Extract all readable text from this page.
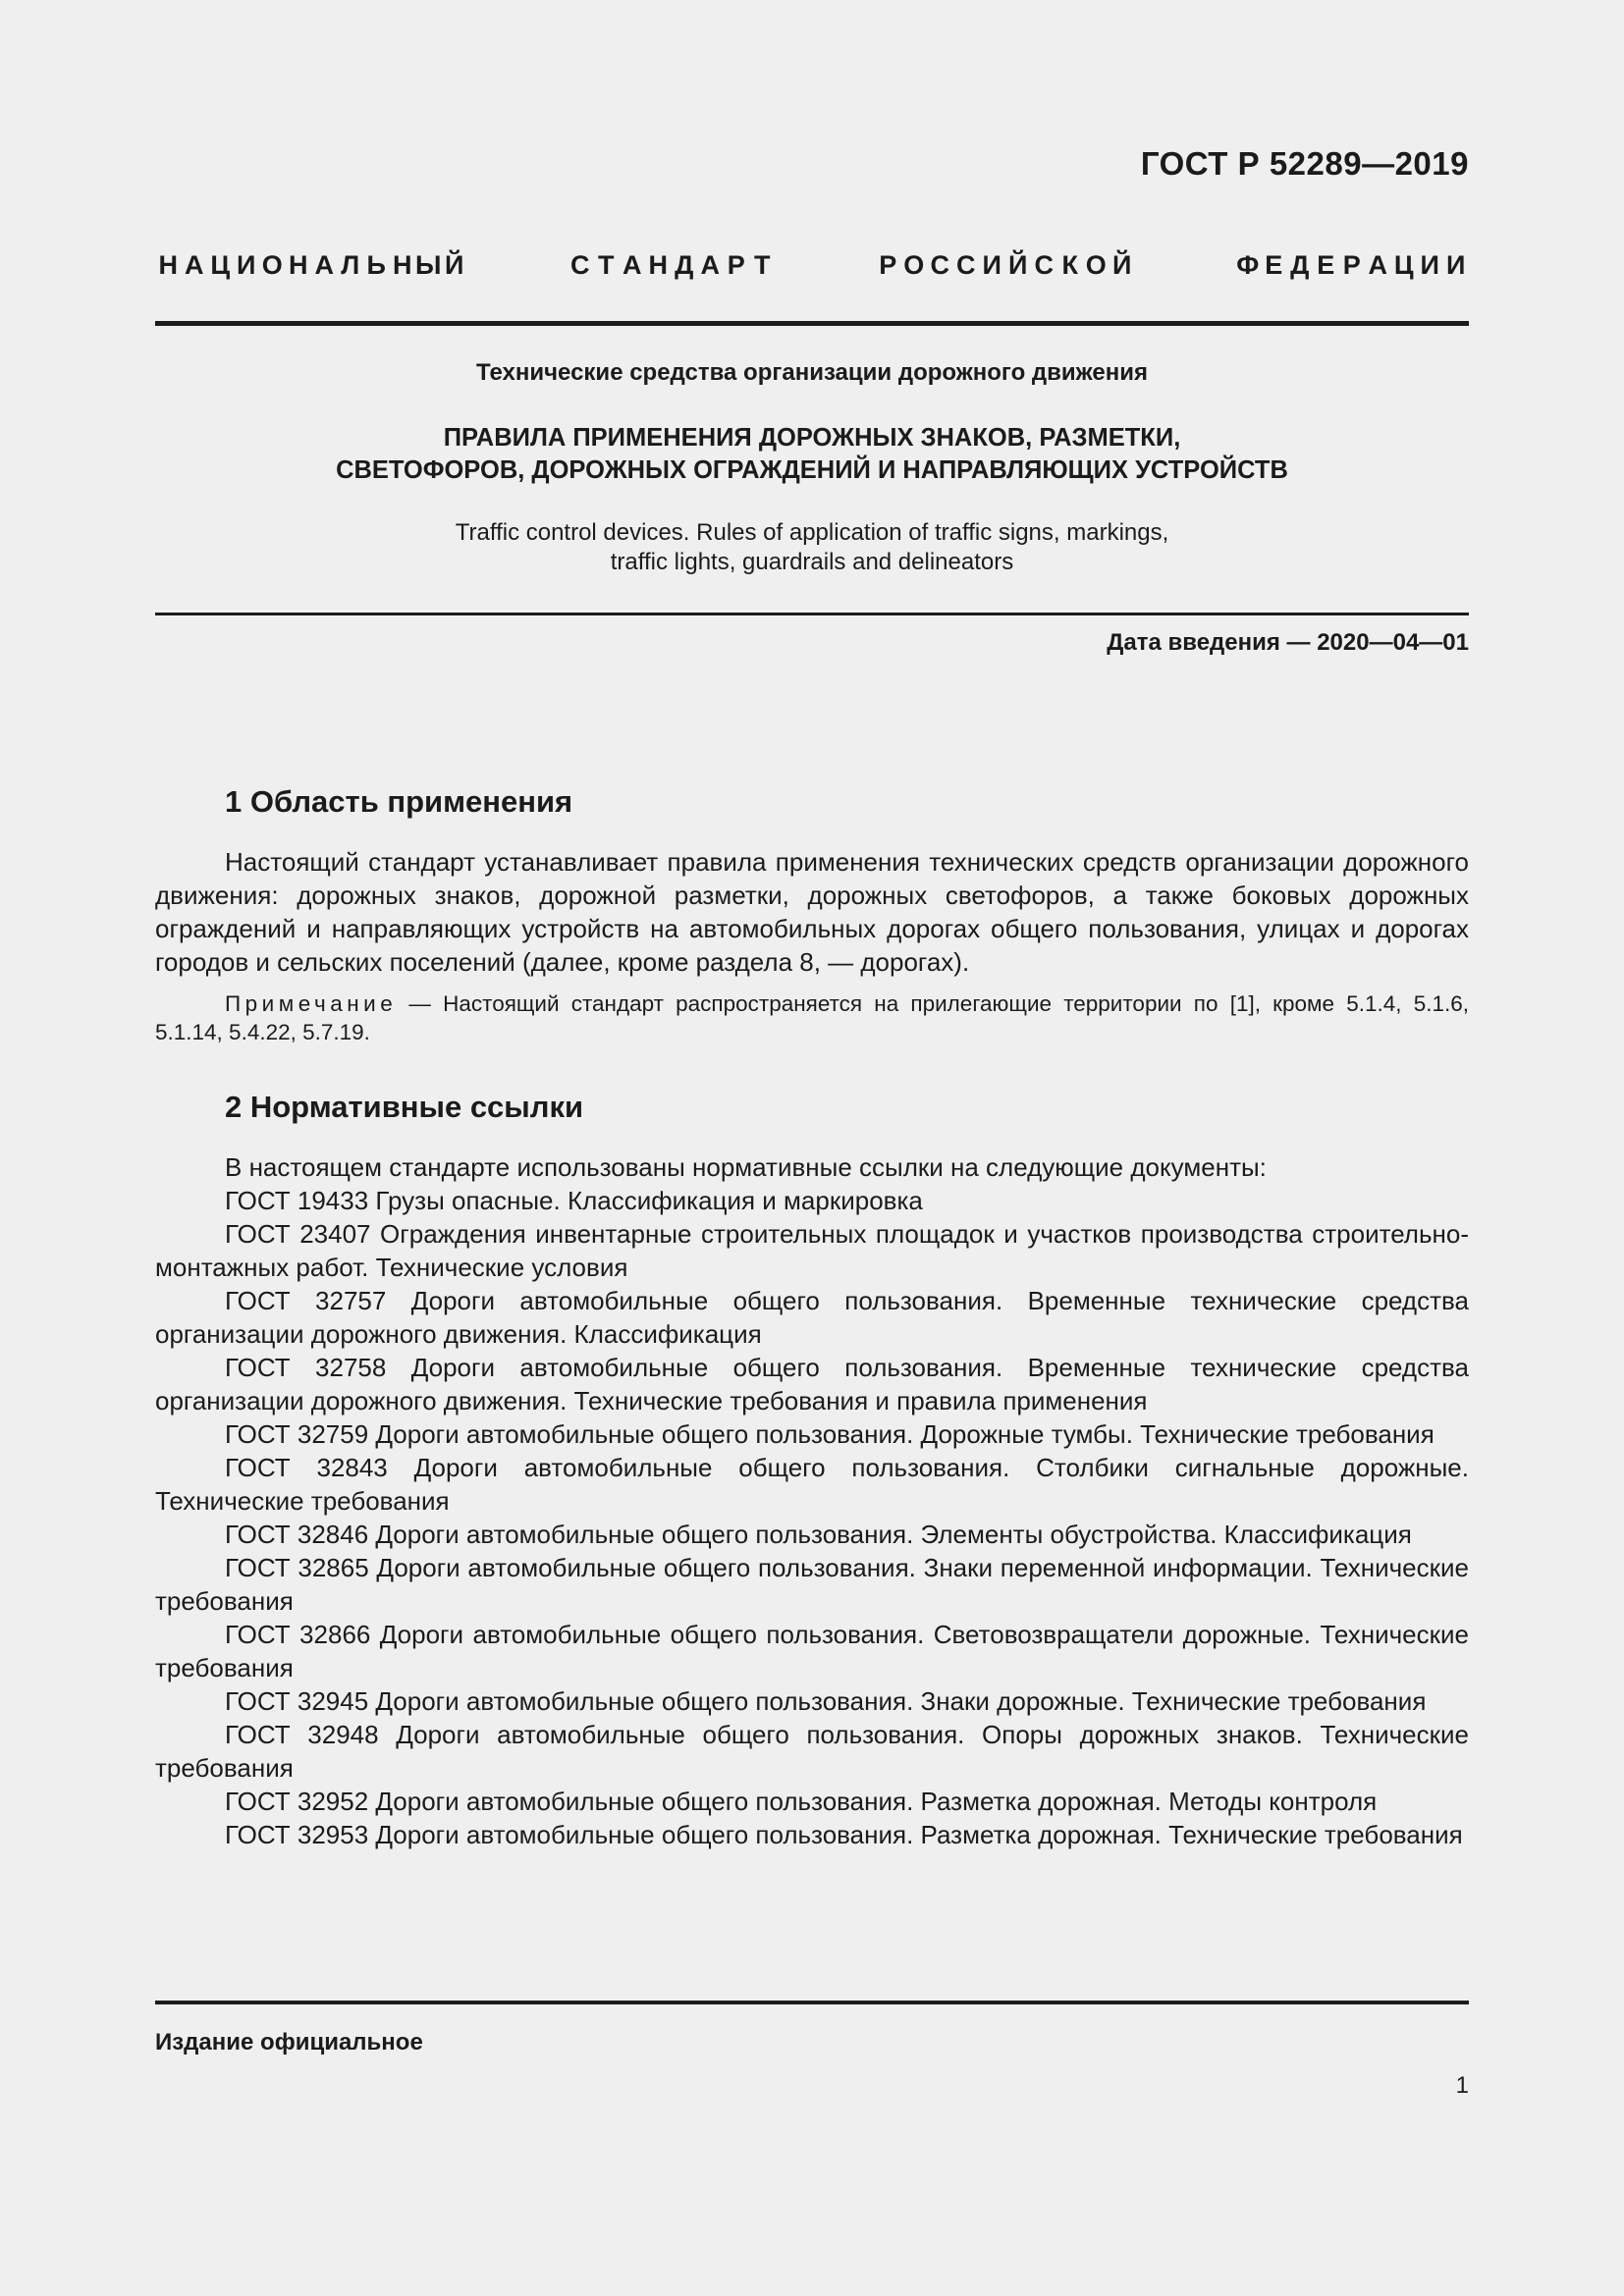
ГОСТ Р 52289—2019
Н А Ц И О Н А Л Ь Н Ы Й	С Т А Н Д А Р Т	Р О С С И Й С К О Й	Ф Е Д Е Р А Ц И И
Технические средства организации дорожного движения
ПРАВИЛА ПРИМЕНЕНИЯ ДОРОЖНЫХ ЗНАКОВ, РАЗМЕТКИ,
СВЕТОФОРОВ, ДОРОЖНЫХ ОГРАЖДЕНИЙ И НАПРАВЛЯЮЩИХ УСТРОЙСТВ
Traffic control devices. Rules of application of traffic signs, markings,
traffic lights, guardrails and delineators
Дата введения — 2020—04—01
1 Область применения

Настоящий стандарт устанавливает правила применения технических средств организации дорожного движения: дорожных знаков, дорожной разметки, дорожных светофоров, а также боковых дорожных ограждений и направляющих устройств на автомобильных дорогах общего пользования, улицах и дорогах городов и сельских поселений (далее, кроме раздела 8, — дорогах).

Примечание — Настоящий стандарт распространяется на прилегающие территории по [1], кроме 5.1.4, 5.1.6, 5.1.14, 5.4.22, 5.7.19.
2 Нормативные ссылки

В настоящем стандарте использованы нормативные ссылки на следующие документы:

ГОСТ 19433 Грузы опасные. Классификация и маркировка

ГОСТ 23407 Ограждения инвентарные строительных площадок и участков производства строительно-монтажных работ. Технические условия

ГОСТ 32757 Дороги автомобильные общего пользования. Временные технические средства организации дорожного движения. Классификация

ГОСТ 32758 Дороги автомобильные общего пользования. Временные технические средства организации дорожного движения. Технические требования и правила применения

ГОСТ 32759 Дороги автомобильные общего пользования. Дорожные тумбы. Технические требования

ГОСТ 32843 Дороги автомобильные общего пользования. Столбики сигнальные дорожные. Технические требования

ГОСТ 32846 Дороги автомобильные общего пользования. Элементы обустройства. Классификация

ГОСТ 32865 Дороги автомобильные общего пользования. Знаки переменной информации. Технические требования

ГОСТ 32866 Дороги автомобильные общего пользования. Световозвращатели дорожные. Технические требования

ГОСТ 32945 Дороги автомобильные общего пользования. Знаки дорожные. Технические требования

ГОСТ 32948 Дороги автомобильные общего пользования. Опоры дорожных знаков. Технические требования

ГОСТ 32952 Дороги автомобильные общего пользования. Разметка дорожная. Методы контроля

ГОСТ 32953 Дороги автомобильные общего пользования. Разметка дорожная. Технические требования

Издание официальное
1
